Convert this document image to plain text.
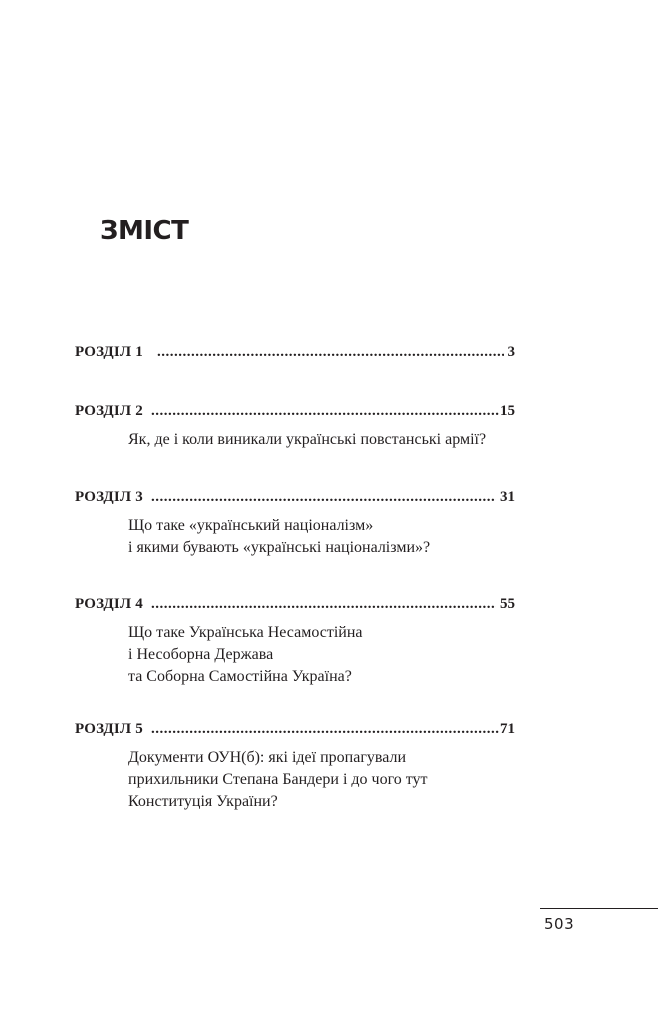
ЗМІСТ
РОЗДІЛ 1 .....	3
РОЗДІЛ 2 .....	15
Як, де і коли виникали українські повстанські армії?
РОЗДІЛ 3 .....	31
Що таке «український націоналізм»
і якими бувають «українські націоналізми»?
РОЗДІЛ 4 .....	55
Що таке Українська Несамостійна
і Несоборна Держава
та Соборна Самостійна Україна?
РОЗДІЛ 5 .....	71
Документи ОУН(б): які ідеї пропагували
прихильники Степана Бандери і до чого тут
Конституція України?
503
